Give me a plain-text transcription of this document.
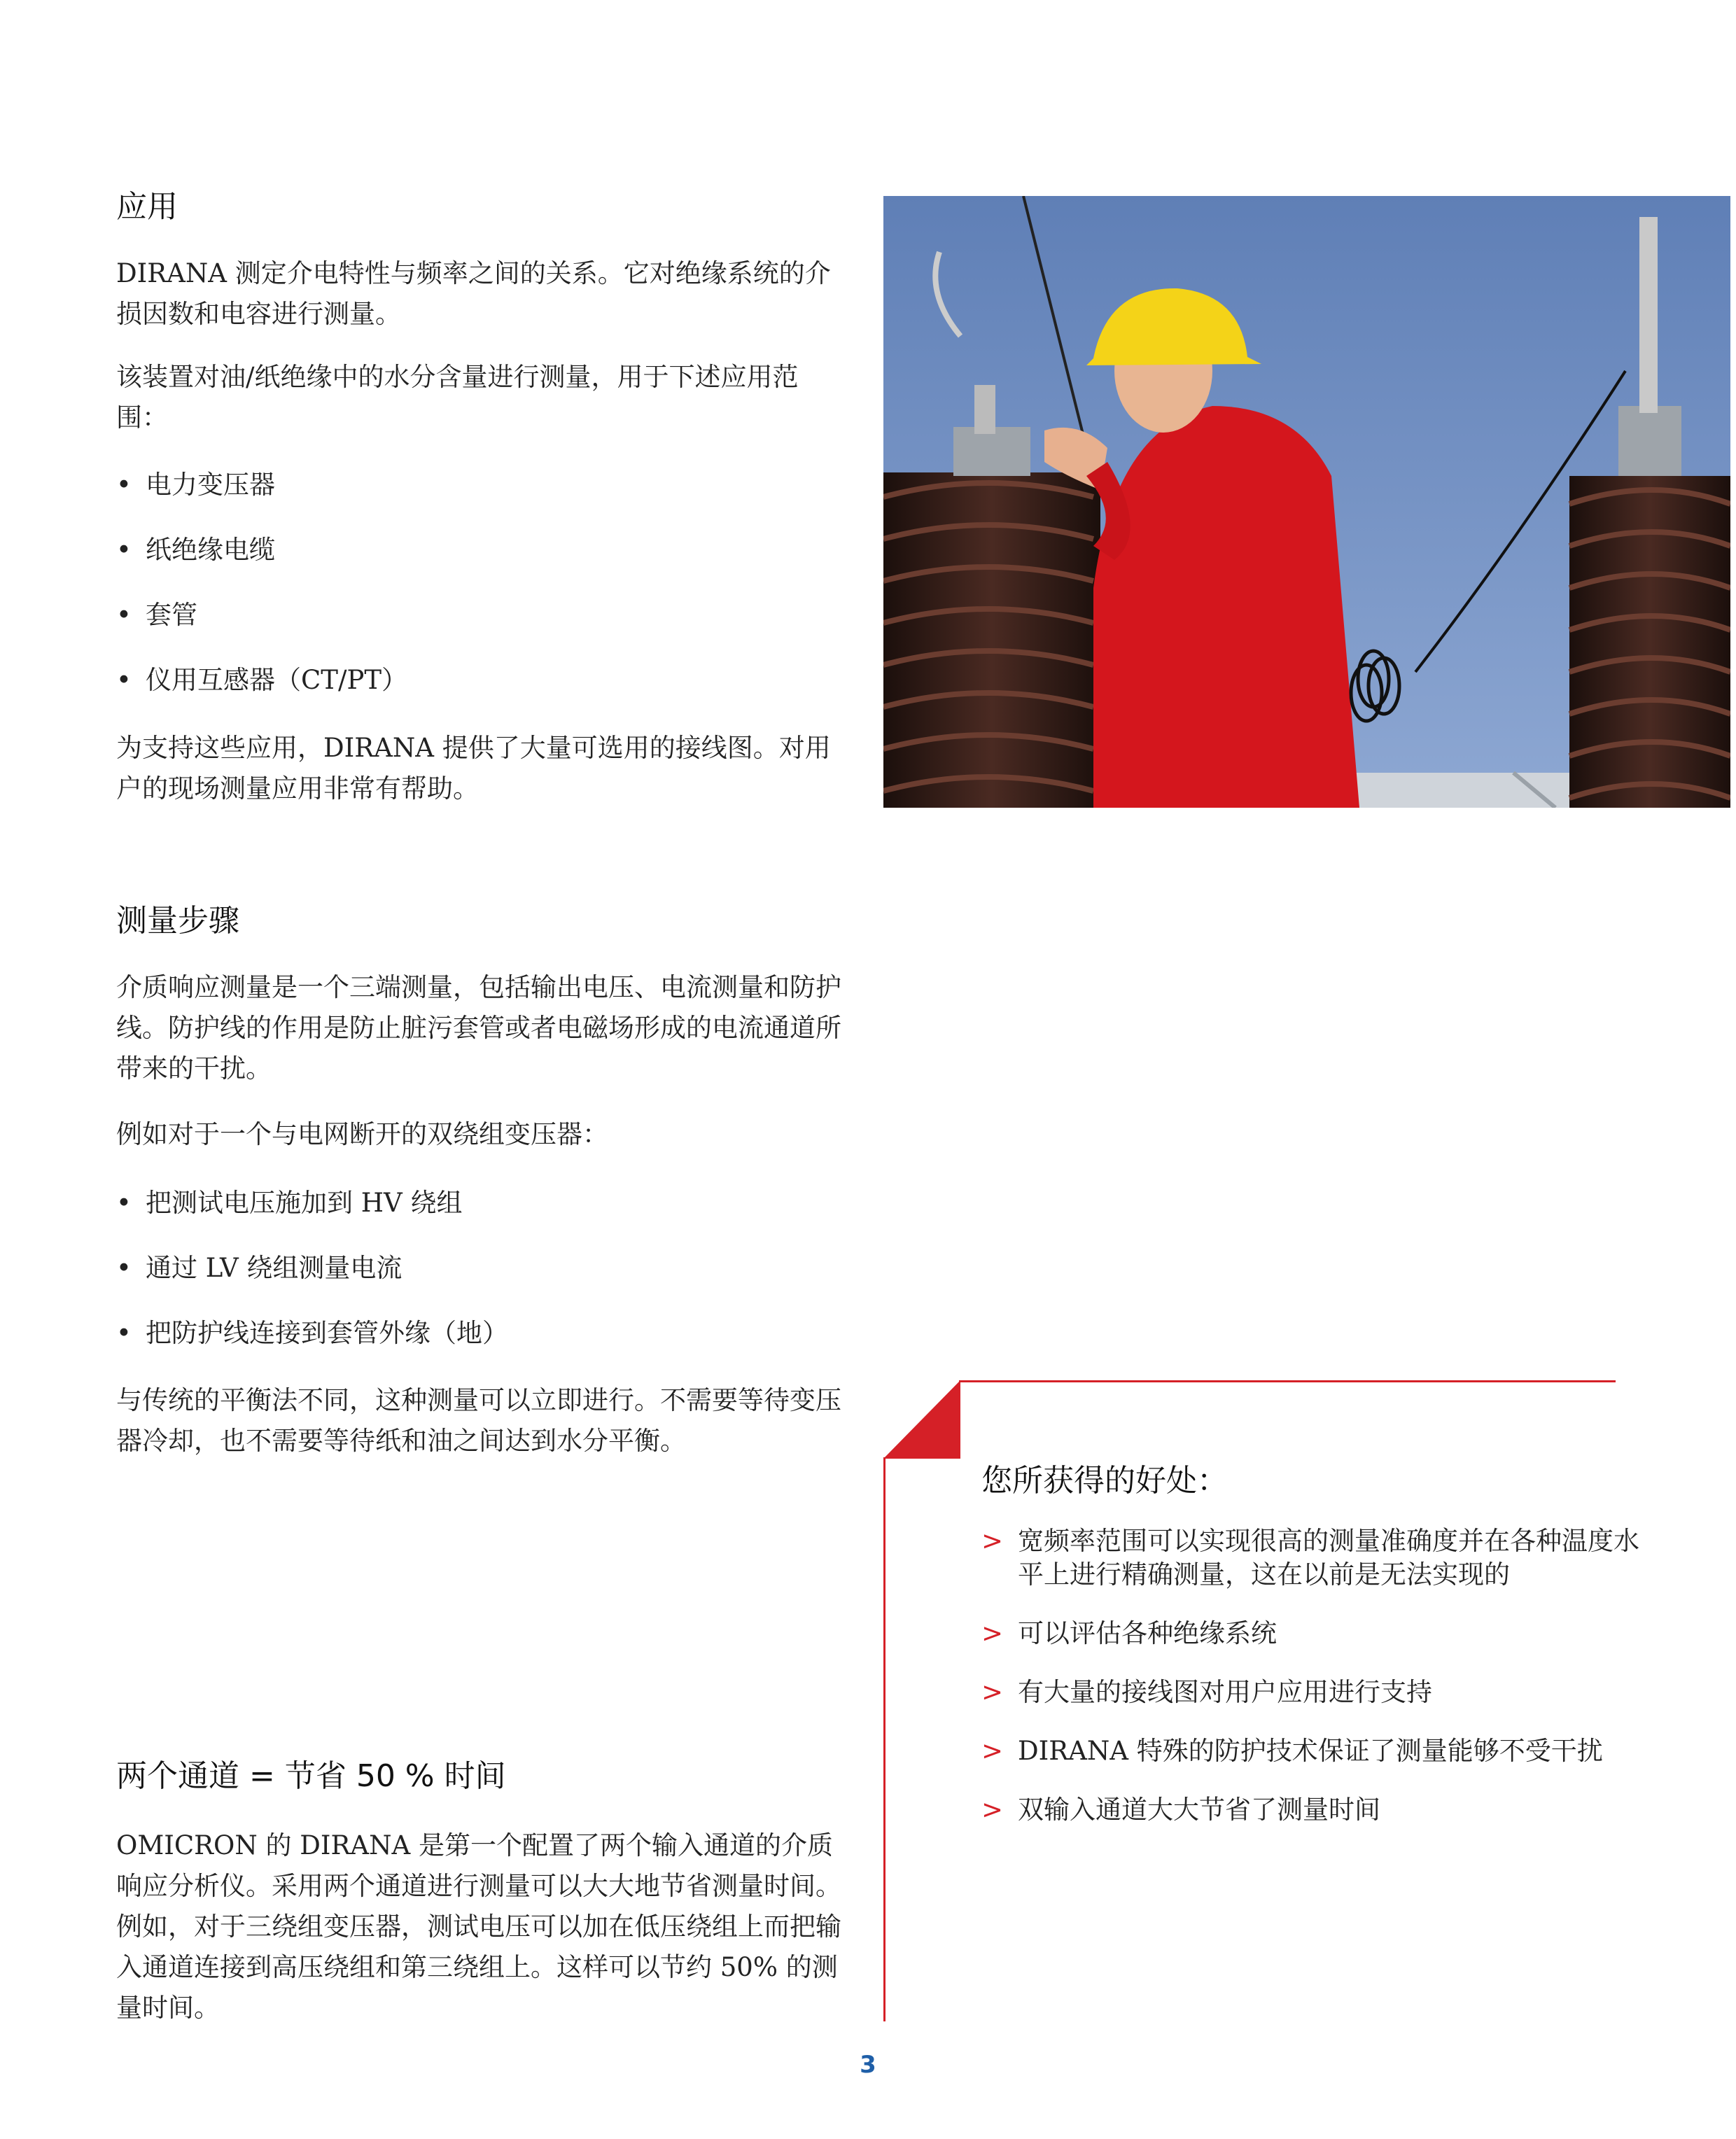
应用

DIRANA 测定介电特性与频率之间的关系。它对绝缘系统的介损因数和电容进行测量。

该装置对油/纸绝缘中的水分含量进行测量，用于下述应用范围：

• 电力变压器

• 纸绝缘电缆

• 套管

• 仪用互感器（CT/PT）

为支持这些应用，DIRANA 提供了大量可选用的接线图。对用户的现场测量应用非常有帮助。

测量步骤

介质响应测量是一个三端测量，包括输出电压、电流测量和防护线。防护线的作用是防止脏污套管或者电磁场形成的电流通道所带来的干扰。

例如对于一个与电网断开的双绕组变压器：

• 把测试电压施加到 HV 绕组

• 通过 LV 绕组测量电流

• 把防护线连接到套管外缘（地）

与传统的平衡法不同，这种测量可以立即进行。不需要等待变压器冷却，也不需要等待纸和油之间达到水分平衡。

两个通道 = 节省 50 % 时间

OMICRON 的 DIRANA 是第一个配置了两个输入通道的介质响应分析仪。采用两个通道进行测量可以大大地节省测量时间。例如，对于三绕组变压器，测试电压可以加在低压绕组上而把输入通道连接到高压绕组和第三绕组上。这样可以节约 50% 的测量时间。

您所获得的好处：
> 宽频率范围可以实现很高的测量准确度并在各种温度水平上进行精确测量，这在以前是无法实现的
> 可以评估各种绝缘系统
> 有大量的接线图对用户应用进行支持
> DIRANA 特殊的防护技术保证了测量能够不受干扰
> 双输入通道大大节省了测量时间
3
